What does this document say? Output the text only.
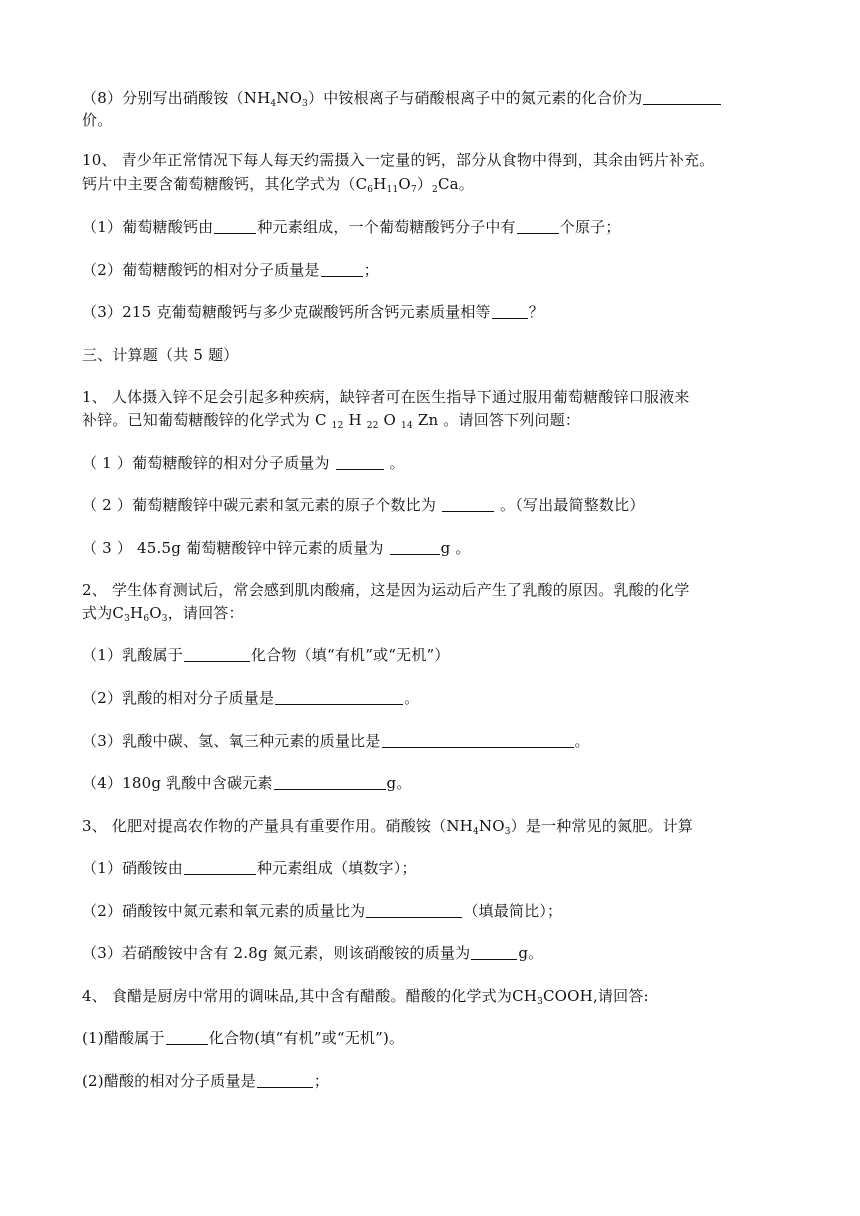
（8）分别写出硝酸铵$(NH_4NO_3)$中铵根离子与硝酸根离子中的氮元素的化合价为
价。
10、 青少年正常情况下每人每天约需摄入一定量的钙，部分从食物中得到，其余由钙片补充。
钙片中主要含葡萄糖酸钙，其化学式为$(C_6H_{11}O_7)_2Ca$。
（1）葡萄糖酸钙由	种元素组成，一个葡萄糖酸钙分子中有	个原子；
（2）葡萄糖酸钙的相对分子质量是	；
（3）215 克葡萄糖酸钙与多少克碳酸钙所含钙元素质量相等	？
三、计算题（共 5 题）
1、 人体摄入锌不足会引起多种疾病，缺锌者可在医生指导下通过服用葡萄糖酸锌口服液来
补锌。已知葡萄糖酸锌的化学式为 C $_{12}$ H $_{22}$ O $_{14}$ Zn 。请回答下列问题：
（ 1 ）葡萄糖酸锌的相对分子质量为	。
（ 2 ）葡萄糖酸锌中碳元素和氢元素的原子个数比为	。（写出最简整数比）
（ 3 ） 45.5g 葡萄糖酸锌中锌元素的质量为	g 。
2、 学生体育测试后，常会感到肌肉酸痛，这是因为运动后产生了乳酸的原因。乳酸的化学
式为$C_3H_6O_3$，请回答：
（1）乳酸属于	化合物（填“有机”或“无机”）
（2）乳酸的相对分子质量是	。
（3）乳酸中碳、氢、氧三种元素的质量比是	。
（4）180g 乳酸中含碳元素	g。
3、 化肥对提高农作物的产量具有重要作用。硝酸铵$(NH_4NO_3)$是一种常见的氮肥。计算
（1）硝酸铵由	种元素组成（填数字）；
（2）硝酸铵中氮元素和氧元素的质量比为	（填最简比）；
（3）若硝酸铵中含有 2.8g 氮元素，则该硝酸铵的质量为	g。
4、 食醋是厨房中常用的调味品,其中含有醋酸。醋酸的化学式为$CH_3COOH$,请回答:
(1)醋酸属于	化合物(填“有机”或“无机”)。
(2)醋酸的相对分子质量是	；
